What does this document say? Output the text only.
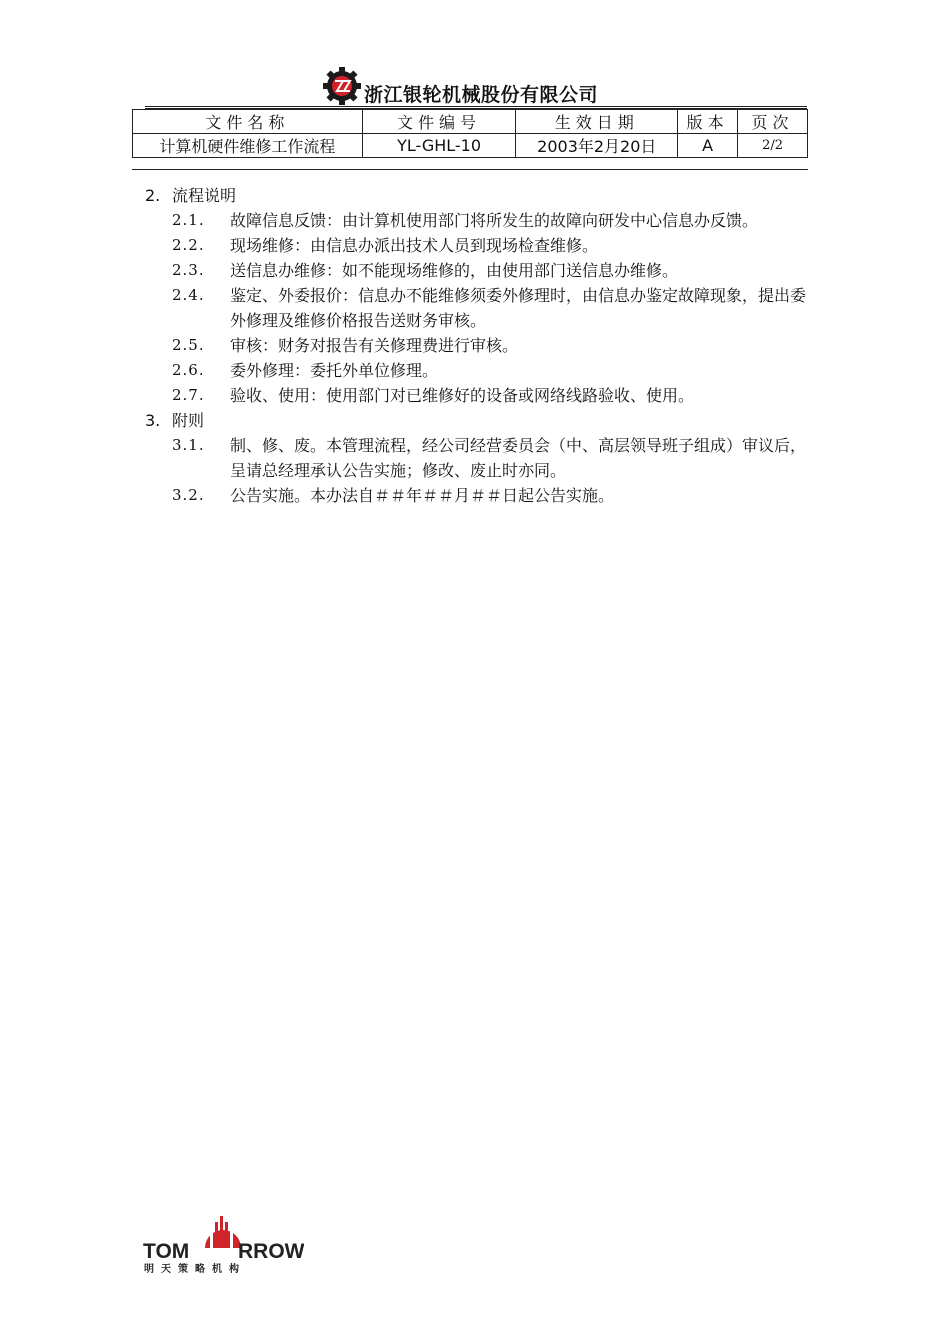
浙江银轮机械股份有限公司
文件名称	文件编号	生效日期	版本	页次
计算机硬件维修工作流程	YL-GHL-10	2003年2月20日	A	2/2
2. 流程说明
2.1.	故障信息反馈：由计算机使用部门将所发生的故障向研发中心信息办反馈。
2.2.	现场维修：由信息办派出技术人员到现场检查维修。
2.3.	送信息办维修：如不能现场维修的，由使用部门送信息办维修。
2.4.	鉴定、外委报价：信息办不能维修须委外修理时，由信息办鉴定故障现象，提出委外修理及维修价格报告送财务审核。
2.5.	审核：财务对报告有关修理费进行审核。
2.6.	委外修理：委托外单位修理。
2.7.	验收、使用：使用部门对已维修好的设备或网络线路验收、使用。
3. 附则
3.1.	制、修、废。本管理流程，经公司经营委员会（中、高层领导班子组成）审议后，呈请总经理承认公告实施；修改、废止时亦同。
3.2.	公告实施。本办法自＃＃年＃＃月＃＃日起公告实施。
TOM RROW
明天策略机构
